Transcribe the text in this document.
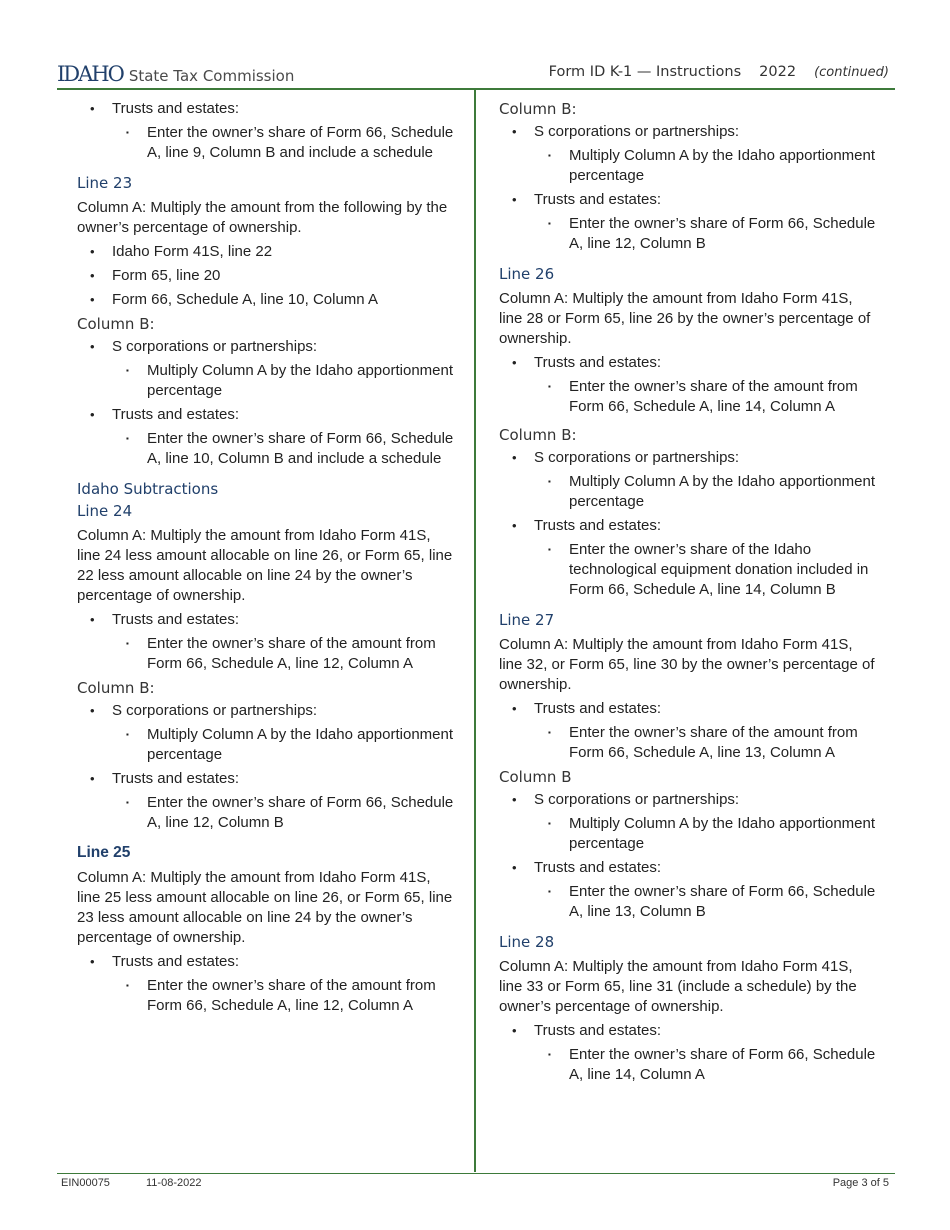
IDAHO State Tax Commission	Form ID K-1 — Instructions 2022 (continued)
• Trusts and estates:
▪ Enter the owner’s share of Form 66, Schedule A, line 9, Column B and include a schedule
Line 23

Column A: Multiply the amount from the following by the owner’s percentage of ownership.

• Idaho Form 41S, line 22
• Form 65, line 20
• Form 66, Schedule A, line 10, Column A
Column B:
• S corporations or partnerships:
▪ Multiply Column A by the Idaho apportionment percentage
• Trusts and estates:
▪ Enter the owner’s share of Form 66, Schedule A, line 10, Column B and include a schedule
Idaho Subtractions
Line 24

Column A: Multiply the amount from Idaho Form 41S, line 24 less amount allocable on line 26, or Form 65, line 22 less amount allocable on line 24 by the owner’s percentage of ownership.

• Trusts and estates:
▪ Enter the owner’s share of the amount from Form 66, Schedule A, line 12, Column A
Column B:
• S corporations or partnerships:
▪ Multiply Column A by the Idaho apportionment percentage
• Trusts and estates:
▪ Enter the owner’s share of Form 66, Schedule A, line 12, Column B
Line 25

Column A: Multiply the amount from Idaho Form 41S, line 25 less amount allocable on line 26, or Form 65, line 23 less amount allocable on line 24 by the owner’s percentage of ownership.

• Trusts and estates:
▪ Enter the owner’s share of the amount from Form 66, Schedule A, line 12, Column A
Column B:
• S corporations or partnerships:
▪ Multiply Column A by the Idaho apportionment percentage
• Trusts and estates:
▪ Enter the owner’s share of Form 66, Schedule A, line 12, Column B
Line 26

Column A: Multiply the amount from Idaho Form 41S, line 28 or Form 65, line 26 by the owner’s percentage of ownership.

• Trusts and estates:
▪ Enter the owner’s share of the amount from Form 66, Schedule A, line 14, Column A
Column B:
• S corporations or partnerships:
▪ Multiply Column A by the Idaho apportionment percentage
• Trusts and estates:
▪ Enter the owner’s share of the Idaho technological equipment donation included in Form 66, Schedule A, line 14, Column B
Line 27

Column A: Multiply the amount from Idaho Form 41S, line 32, or Form 65, line 30 by the owner’s percentage of ownership.

• Trusts and estates:
▪ Enter the owner’s share of the amount from Form 66, Schedule A, line 13, Column A
Column B
• S corporations or partnerships:
▪ Multiply Column A by the Idaho apportionment percentage
• Trusts and estates:
▪ Enter the owner’s share of Form 66, Schedule A, line 13, Column B
Line 28

Column A: Multiply the amount from Idaho Form 41S, line 33 or Form 65, line 31 (include a schedule) by the owner’s percentage of ownership.

• Trusts and estates:
▪ Enter the owner’s share of Form 66, Schedule A, line 14, Column A
EIN00075	11-08-2022	Page 3 of 5
